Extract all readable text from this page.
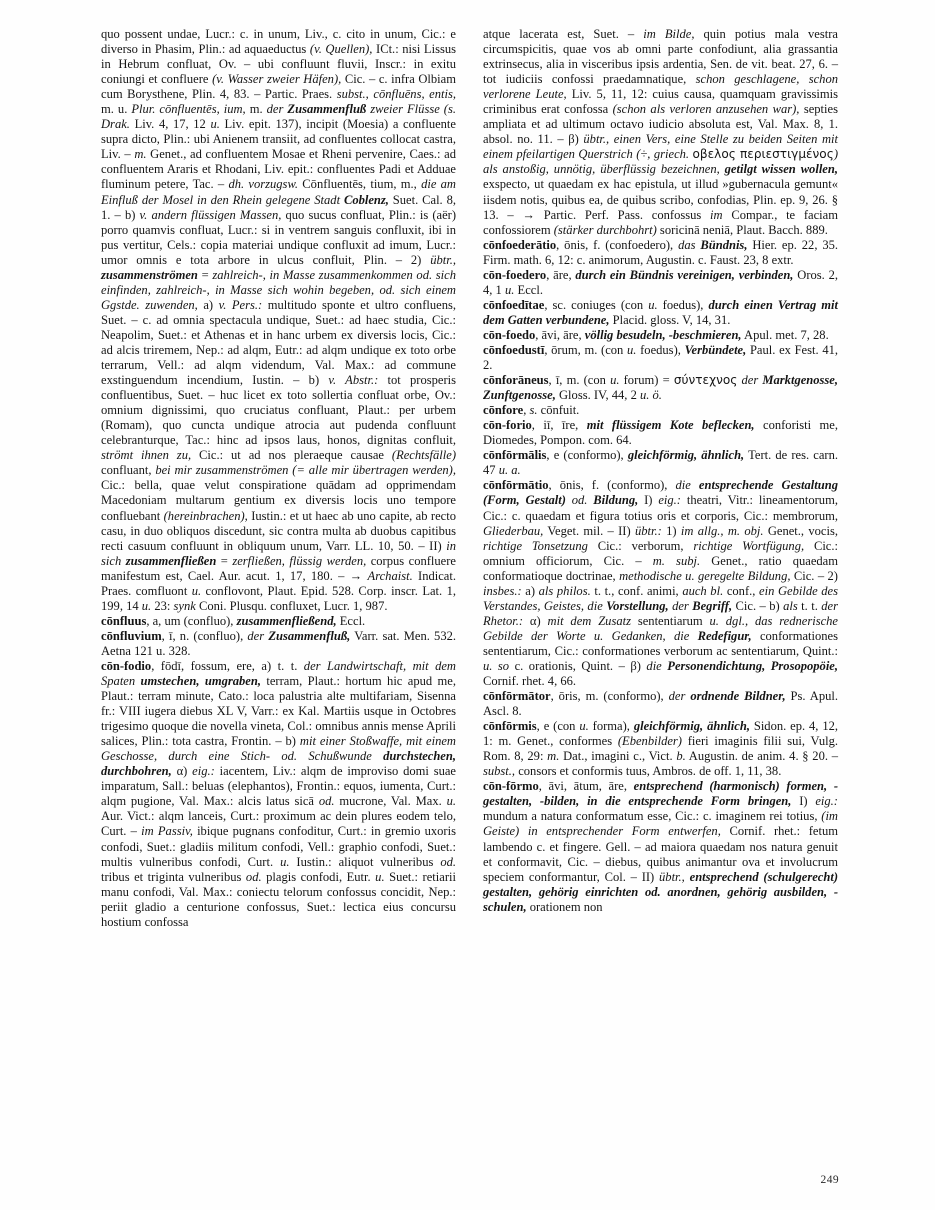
quo possent undae, Lucr.: c. in unum, Liv., c. cito in unum, Cic.: e diverso in Phasim, Plin.: ad aquaeductus (v. Quellen), ICt.: nisi Lissus in Hebrum confluat, Ov. – ubi confluunt fluvii, Inscr.: in exitu coniungi et confluere (v. Wasser zweier Häfen), Cic. – c. infra Olbiam cum Borysthene, Plin. 4, 83. – Partic. Praes. subst., cōnfluēns, entis, m. u. Plur. cōnfluentēs, ium, m. der Zusammenfluß zweier Flüsse (s. Drak. Liv. 4, 17, 12 u. Liv. epit. 137), incipit (Moesia) a confluente supra dicto, Plin.: ubi Anienem transiit, ad confluentes collocat castra, Liv. – m. Genet., ad confluentem Mosae et Rheni pervenire, Caes.: ad confluentem Araris et Rhodani, Liv. epit.: confluentes Padi et Adduae fluminum petere, Tac. – dh. vorzugsw. Cōnfluentēs, tium, m., die am Einfluß der Mosel in den Rhein gelegene Stadt Coblenz, Suet. Cal. 8, 1. – b) v. andern flüssigen Massen, quo sucus confluat, Plin.: is (aër) porro quamvis confluat, Lucr.: si in ventrem sanguis confluxit, ibi in pus vertitur, Cels.: copia materiai undique confluxit ad imum, Lucr.: umor omnis e tota arbore in ulcus confluit, Plin. – 2) übtr., zusammenströmen = zahlreich-, in Masse zusammenkommen od. sich einfinden, zahlreich-, in Masse sich wohin begeben, od. sich einem Ggstde. zuwenden, a) v. Pers.: multitudo sponte et ultro confluens, Suet. – c. ad omnia spectacula undique, Suet.: ad haec studia, Cic.: Neapolim, Suet.: et Athenas et in hanc urbem ex diversis locis, Cic.: ad alcis triremem, Nep.: ad alqm, Eutr.: ad alqm undique ex toto orbe terrarum, Vell.: ad alqm videndum, Val. Max.: ad commune exstinguendum incendium, Iustin. – b) v. Abstr.: tot prosperis confluentibus, Suet. – huc licet ex toto sollertia confluat orbe, Ov.: omnium dignissimi, quo cruciatus confluant, Plaut.: per urbem (Romam), quo cuncta undique atrocia aut pudenda confluunt celebranturque, Tac.: hinc ad ipsos laus, honos, dignitas confluit, strömt ihnen zu, Cic.: ut ad nos pleraeque causae (Rechtsfälle) confluant, bei mir zusammenströmen (= alle mir übertragen werden), Cic.: bella, quae velut conspiratione quādam ad opprimendam Macedoniam multarum gentium ex diversis locis uno tempore confluebant (hereinbrachen), Iustin.: et ut haec ab uno capite, ab recto casu, in duo obliquos discedunt, sic contra multa ab duobus capitibus recti casuum confluunt in obliquum unum, Varr. LL. 10, 50. – II) in sich zusammenfließen = zerfließen, flüssig werden, corpus confluere manifestum est, Cael. Aur. acut. 1, 17, 180. – → Archaist. Indicat. Praes. comfluont u. conflovont, Plaut. Epid. 528. Corp. inscr. Lat. 1, 199, 14 u. 23: synk Coni. Plusqu. confluxet, Lucr. 1, 987.

cōnfluus, a, um (confluo), zusammenfließend, Eccl.

cōnfluvium, ī, n. (confluo), der Zusammenfluß, Varr. sat. Men. 532. Aetna 121 u. 328.

cōn-fodio, fōdī, fossum, ere, a) t. t. der Landwirtschaft, mit dem Spaten umstechen, umgraben, terram, Plaut.: hortum hic apud me, Plaut.: terram minute, Cato.: loca palustria alte multifariam, Sisenna fr.: VIII iugera diebus XL V, Varr.: ex Kal. Martiis usque in Octobres trigesimo quoque die novella vineta, Col.: omnibus annis mense Aprili salices, Plin.: tota castra, Frontin. – b) mit einer Stoßwaffe, mit einem Geschosse, durch eine Stich- od. Schußwunde durchstechen, durchbohren, α) eig.: iacentem, Liv.: alqm de improviso domi suae imparatum, Sall.: beluas (elephantos), Frontin.: equos, iumenta, Curt.: alqm pugione, Val. Max.: alcis latus sicā od. mucrone, Val. Max. u. Aur. Vict.: alqm lanceis, Curt.: proximum ac dein plures eodem telo, Curt. – im Passiv, ibique pugnans confoditur, Curt.: in gremio uxoris confodi, Suet.: gladiis militum confodi, Vell.: graphio confodi, Suet.: multis vulneribus confodi, Curt. u. Iustin.: aliquot vulneribus od. tribus et triginta vulneribus od. plagis confodi, Eutr. u. Suet.: retiarii manu confodi, Val. Max.: coniectu telorum confossus concidit, Nep.: periit gladio a centurione confossus, Suet.: lectica eius concursu hostium confossa

atque lacerata est, Suet. – im Bilde, quin potius mala vestra circumspicitis, quae vos ab omni parte confodiunt, alia grassantia extrinsecus, alia in visceribus ipsis ardentia, Sen. de vit. beat. 27, 6. – tot iudiciis confossi praedamnatique, schon geschlagene, schon verlorene Leute, Liv. 5, 11, 12: cuius causa, quamquam gravissimis criminibus erat confossa (schon als verloren anzusehen war), septies ampliata et ad ultimum octavo iudicio absoluta est, Val. Max. 8, 1. absol. no. 11. – β) übtr., einen Vers, eine Stelle zu beiden Seiten mit einem pfeilartigen Querstrich (÷, griech. οβελος περιεστιγμένος) als anstoßig, unnötig, überflüssig bezeichnen, getilgt wissen wollen, exspecto, ut quaedam ex hac epistula, ut illud »gubernacula gemunt« iisdem notis, quibus ea, de quibus scribo, confodias, Plin. ep. 9, 26. § 13. – → Partic. Perf. Pass. confossus im Compar., te faciam confossiorem (stärker durchbohrt) soricinā neniā, Plaut. Bacch. 889.

cōnfoederātio, ōnis, f. (confoedero), das Bündnis, Hier. ep. 22, 35. Firm. math. 6, 12: c. animorum, Augustin. c. Faust. 23, 8 extr.

cōn-foedero, āre, durch ein Bündnis vereinigen, verbinden, Oros. 2, 4, 1 u. Eccl.

cōnfoedītae, sc. coniuges (con u. foedus), durch einen Vertrag mit dem Gatten verbundene, Placid. gloss. V, 14, 31.

cōn-foedo, āvi, āre, völlig besudeln, -beschmieren, Apul. met. 7, 28.

cōnfoedustī, ōrum, m. (con u. foedus), Verbündete, Paul. ex Fest. 41, 2.

cōnforāneus, ī, m. (con u. forum) = σύντεχνος der Marktgenosse, Zunftgenosse, Gloss. IV, 44, 2 u. ö.

cōnfore, s. cōnfuit.

cōn-forio, iī, īre, mit flüssigem Kote beflecken, conforisti me, Diomedes, Pompon. com. 64.

cōnfōrmālis, e (conformo), gleichförmig, ähnlich, Tert. de res. carn. 47 u. a.

cōnfōrmātio, ōnis, f. (conformo), die entsprechende Gestaltung (Form, Gestalt) od. Bildung, I) eig.: theatri, Vitr.: lineamentorum, Cic.: c. quaedam et figura totius oris et corporis, Cic.: membrorum, Gliederbau, Veget. mil. – II) übtr.: 1) im allg., m. obj. Genet., vocis, richtige Tonsetzung Cic.: verborum, richtige Wortfügung, Cic.: omnium officiorum, Cic. – m. subj. Genet., ratio quaedam conformatioque doctrinae, methodische u. geregelte Bildung, Cic. – 2) insbes.: a) als philos. t. t., conf. animi, auch bl. conf., ein Gebilde des Verstandes, Geistes, die Vorstellung, der Begriff, Cic. – b) als t. t. der Rhetor.: α) mit dem Zusatz sententiarum u. dgl., das rednerische Gebilde der Worte u. Gedanken, die Redefigur, conformationes sententiarum, Cic.: conformationes verborum ac sententiarum, Quint.: u. so c. orationis, Quint. – β) die Personendichtung, Prosopopöie, Cornif. rhet. 4, 66.

cōnfōrmātor, ōris, m. (conformo), der ordnende Bildner, Ps. Apul. Ascl. 8.

cōnfōrmis, e (con u. forma), gleichförmig, ähnlich, Sidon. ep. 4, 12, 1: m. Genet., conformes (Ebenbilder) fieri imaginis filii sui, Vulg. Rom. 8, 29: m. Dat., imagini c., Vict. b. Augustin. de anim. 4. § 20. – subst., consors et conformis tuus, Ambros. de off. 1, 11, 38.

cōn-fōrmo, āvi, ātum, āre, entsprechend (harmonisch) formen, -gestalten, -bilden, in die entsprechende Form bringen, I) eig.: mundum a natura conformatum esse, Cic.: c. imaginem rei totius, (im Geiste) in entsprechender Form entwerfen, Cornif. rhet.: fetum lambendo c. et fingere. Gell. – ad maiora quaedam nos natura genuit et conformavit, Cic. – diebus, quibus animantur ova et involucrum speciem conformantur, Col. – II) übtr., entsprechend (schulgerecht) gestalten, gehörig einrichten od. anordnen, gehörig ausbilden, -schulen, orationem non

249
